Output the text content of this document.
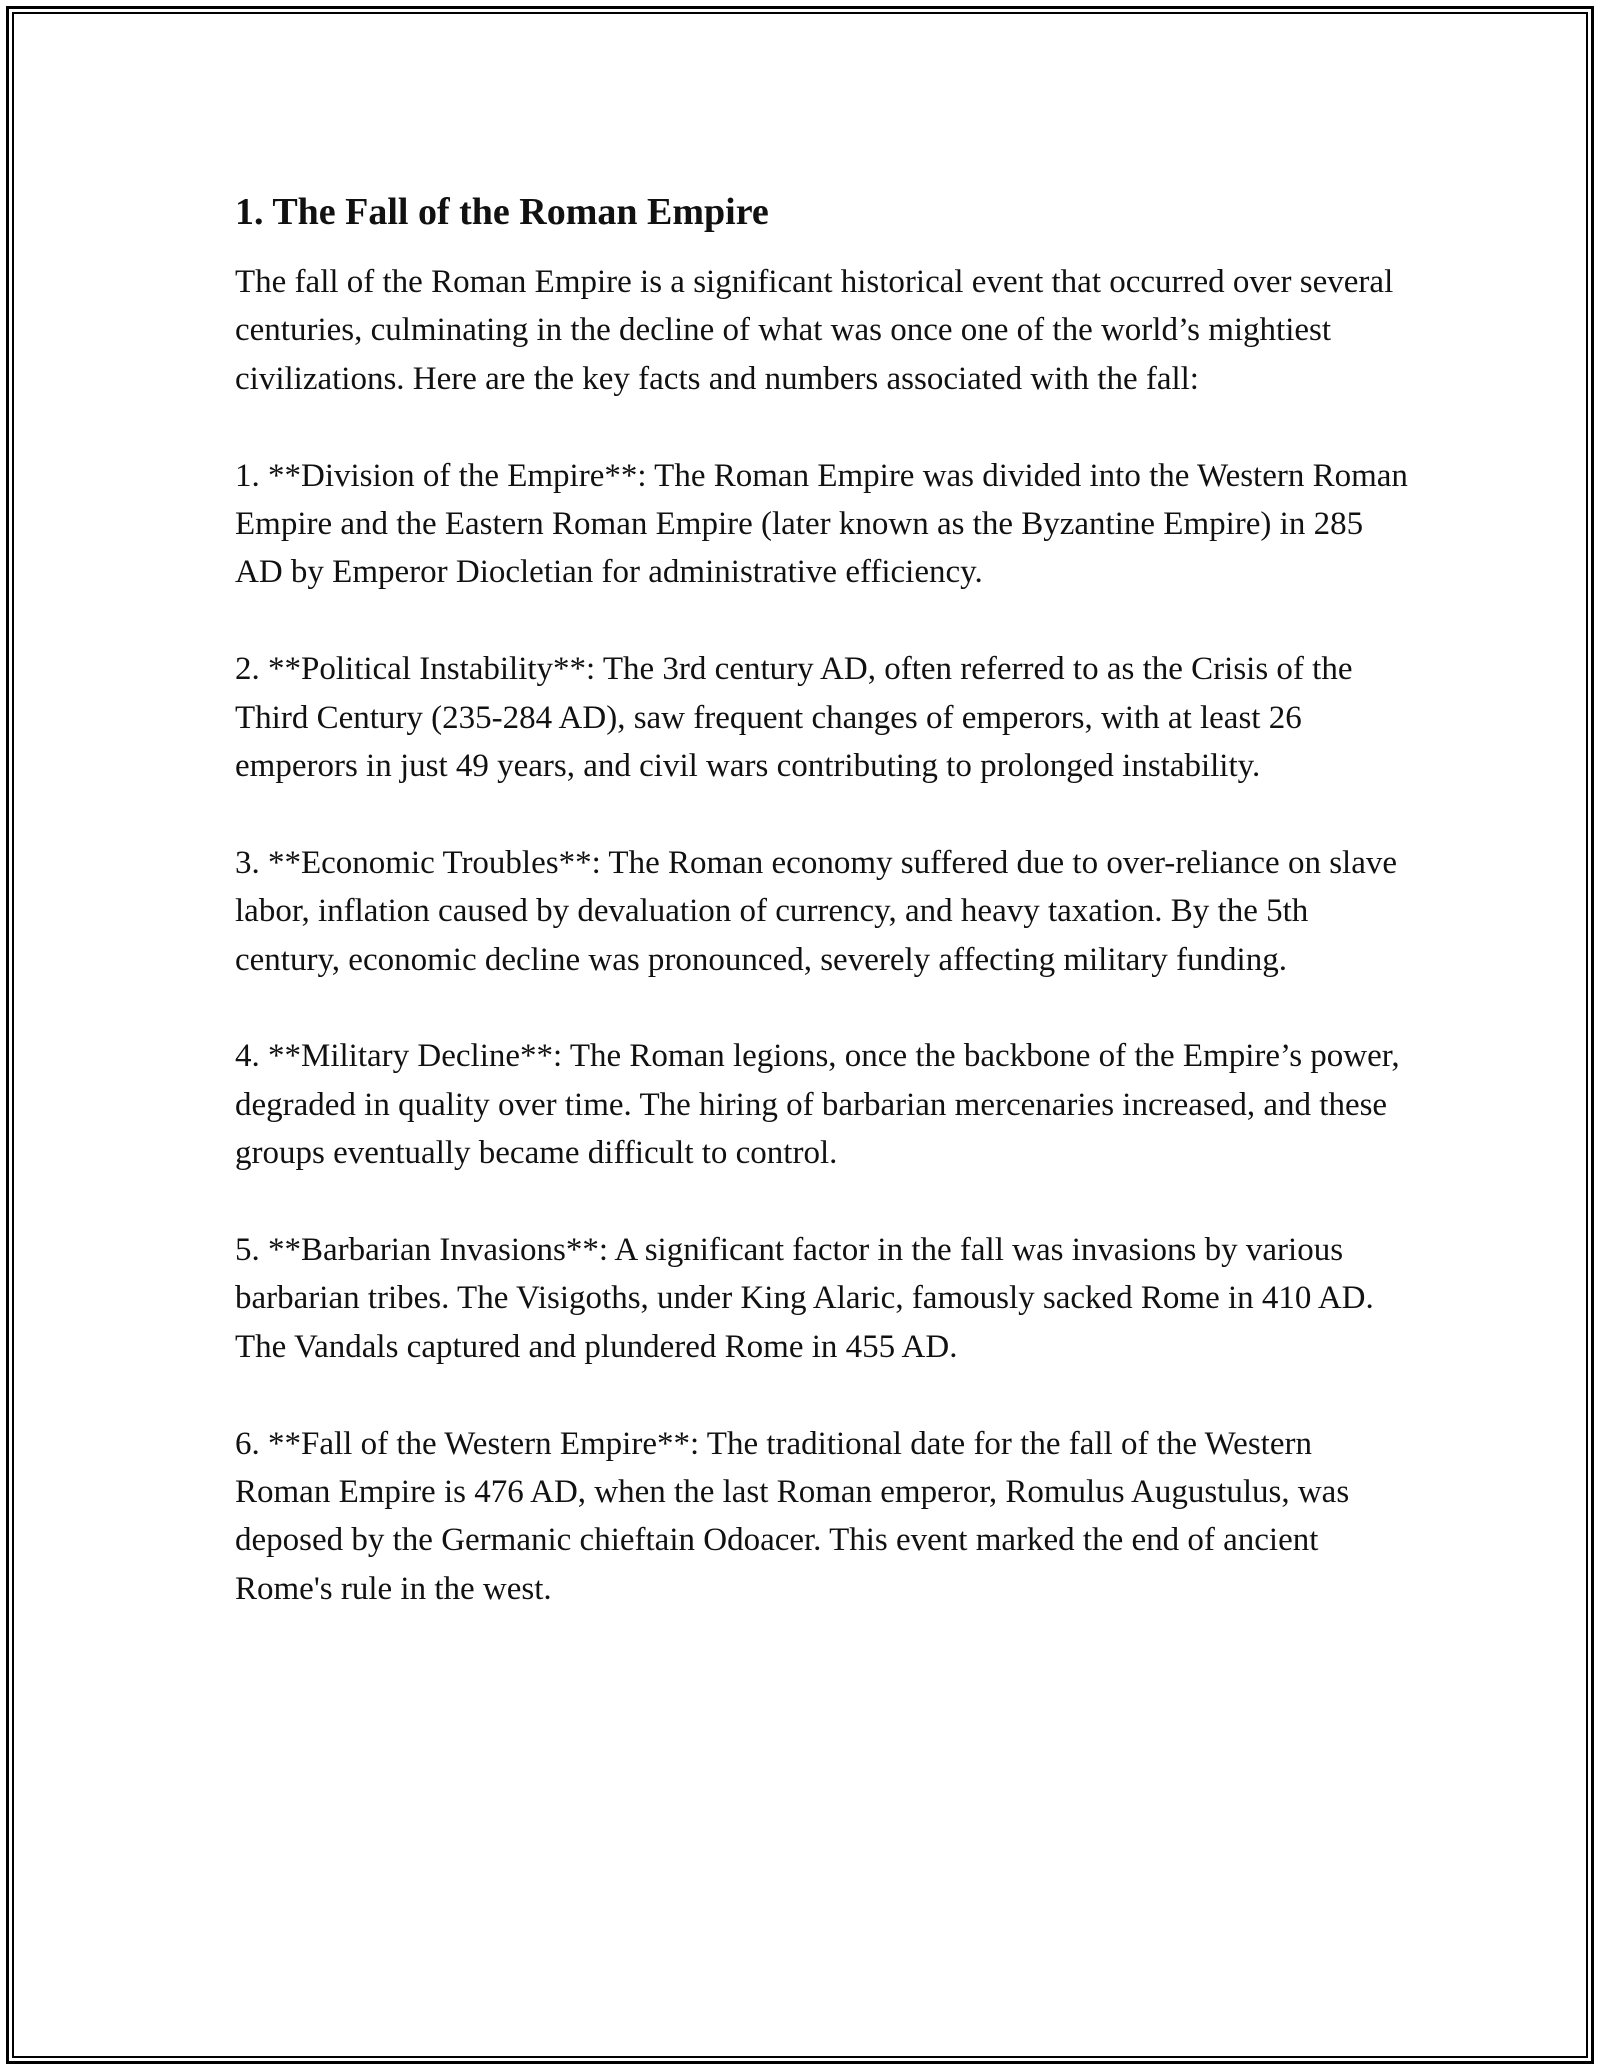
1. The Fall of the Roman Empire

The fall of the Roman Empire is a significant historical event that occurred over several centuries, culminating in the decline of what was once one of the world’s mightiest civilizations. Here are the key facts and numbers associated with the fall:

1. **Division of the Empire**: The Roman Empire was divided into the Western Roman Empire and the Eastern Roman Empire (later known as the Byzantine Empire) in 285 AD by Emperor Diocletian for administrative efficiency.

2. **Political Instability**: The 3rd century AD, often referred to as the Crisis of the Third Century (235-284 AD), saw frequent changes of emperors, with at least 26 emperors in just 49 years, and civil wars contributing to prolonged instability.

3. **Economic Troubles**: The Roman economy suffered due to over-reliance on slave labor, inflation caused by devaluation of currency, and heavy taxation. By the 5th century, economic decline was pronounced, severely affecting military funding.

4. **Military Decline**: The Roman legions, once the backbone of the Empire’s power, degraded in quality over time. The hiring of barbarian mercenaries increased, and these groups eventually became difficult to control.

5. **Barbarian Invasions**: A significant factor in the fall was invasions by various barbarian tribes. The Visigoths, under King Alaric, famously sacked Rome in 410 AD. The Vandals captured and plundered Rome in 455 AD.

6. **Fall of the Western Empire**: The traditional date for the fall of the Western Roman Empire is 476 AD, when the last Roman emperor, Romulus Augustulus, was deposed by the Germanic chieftain Odoacer. This event marked the end of ancient Rome's rule in the west.
